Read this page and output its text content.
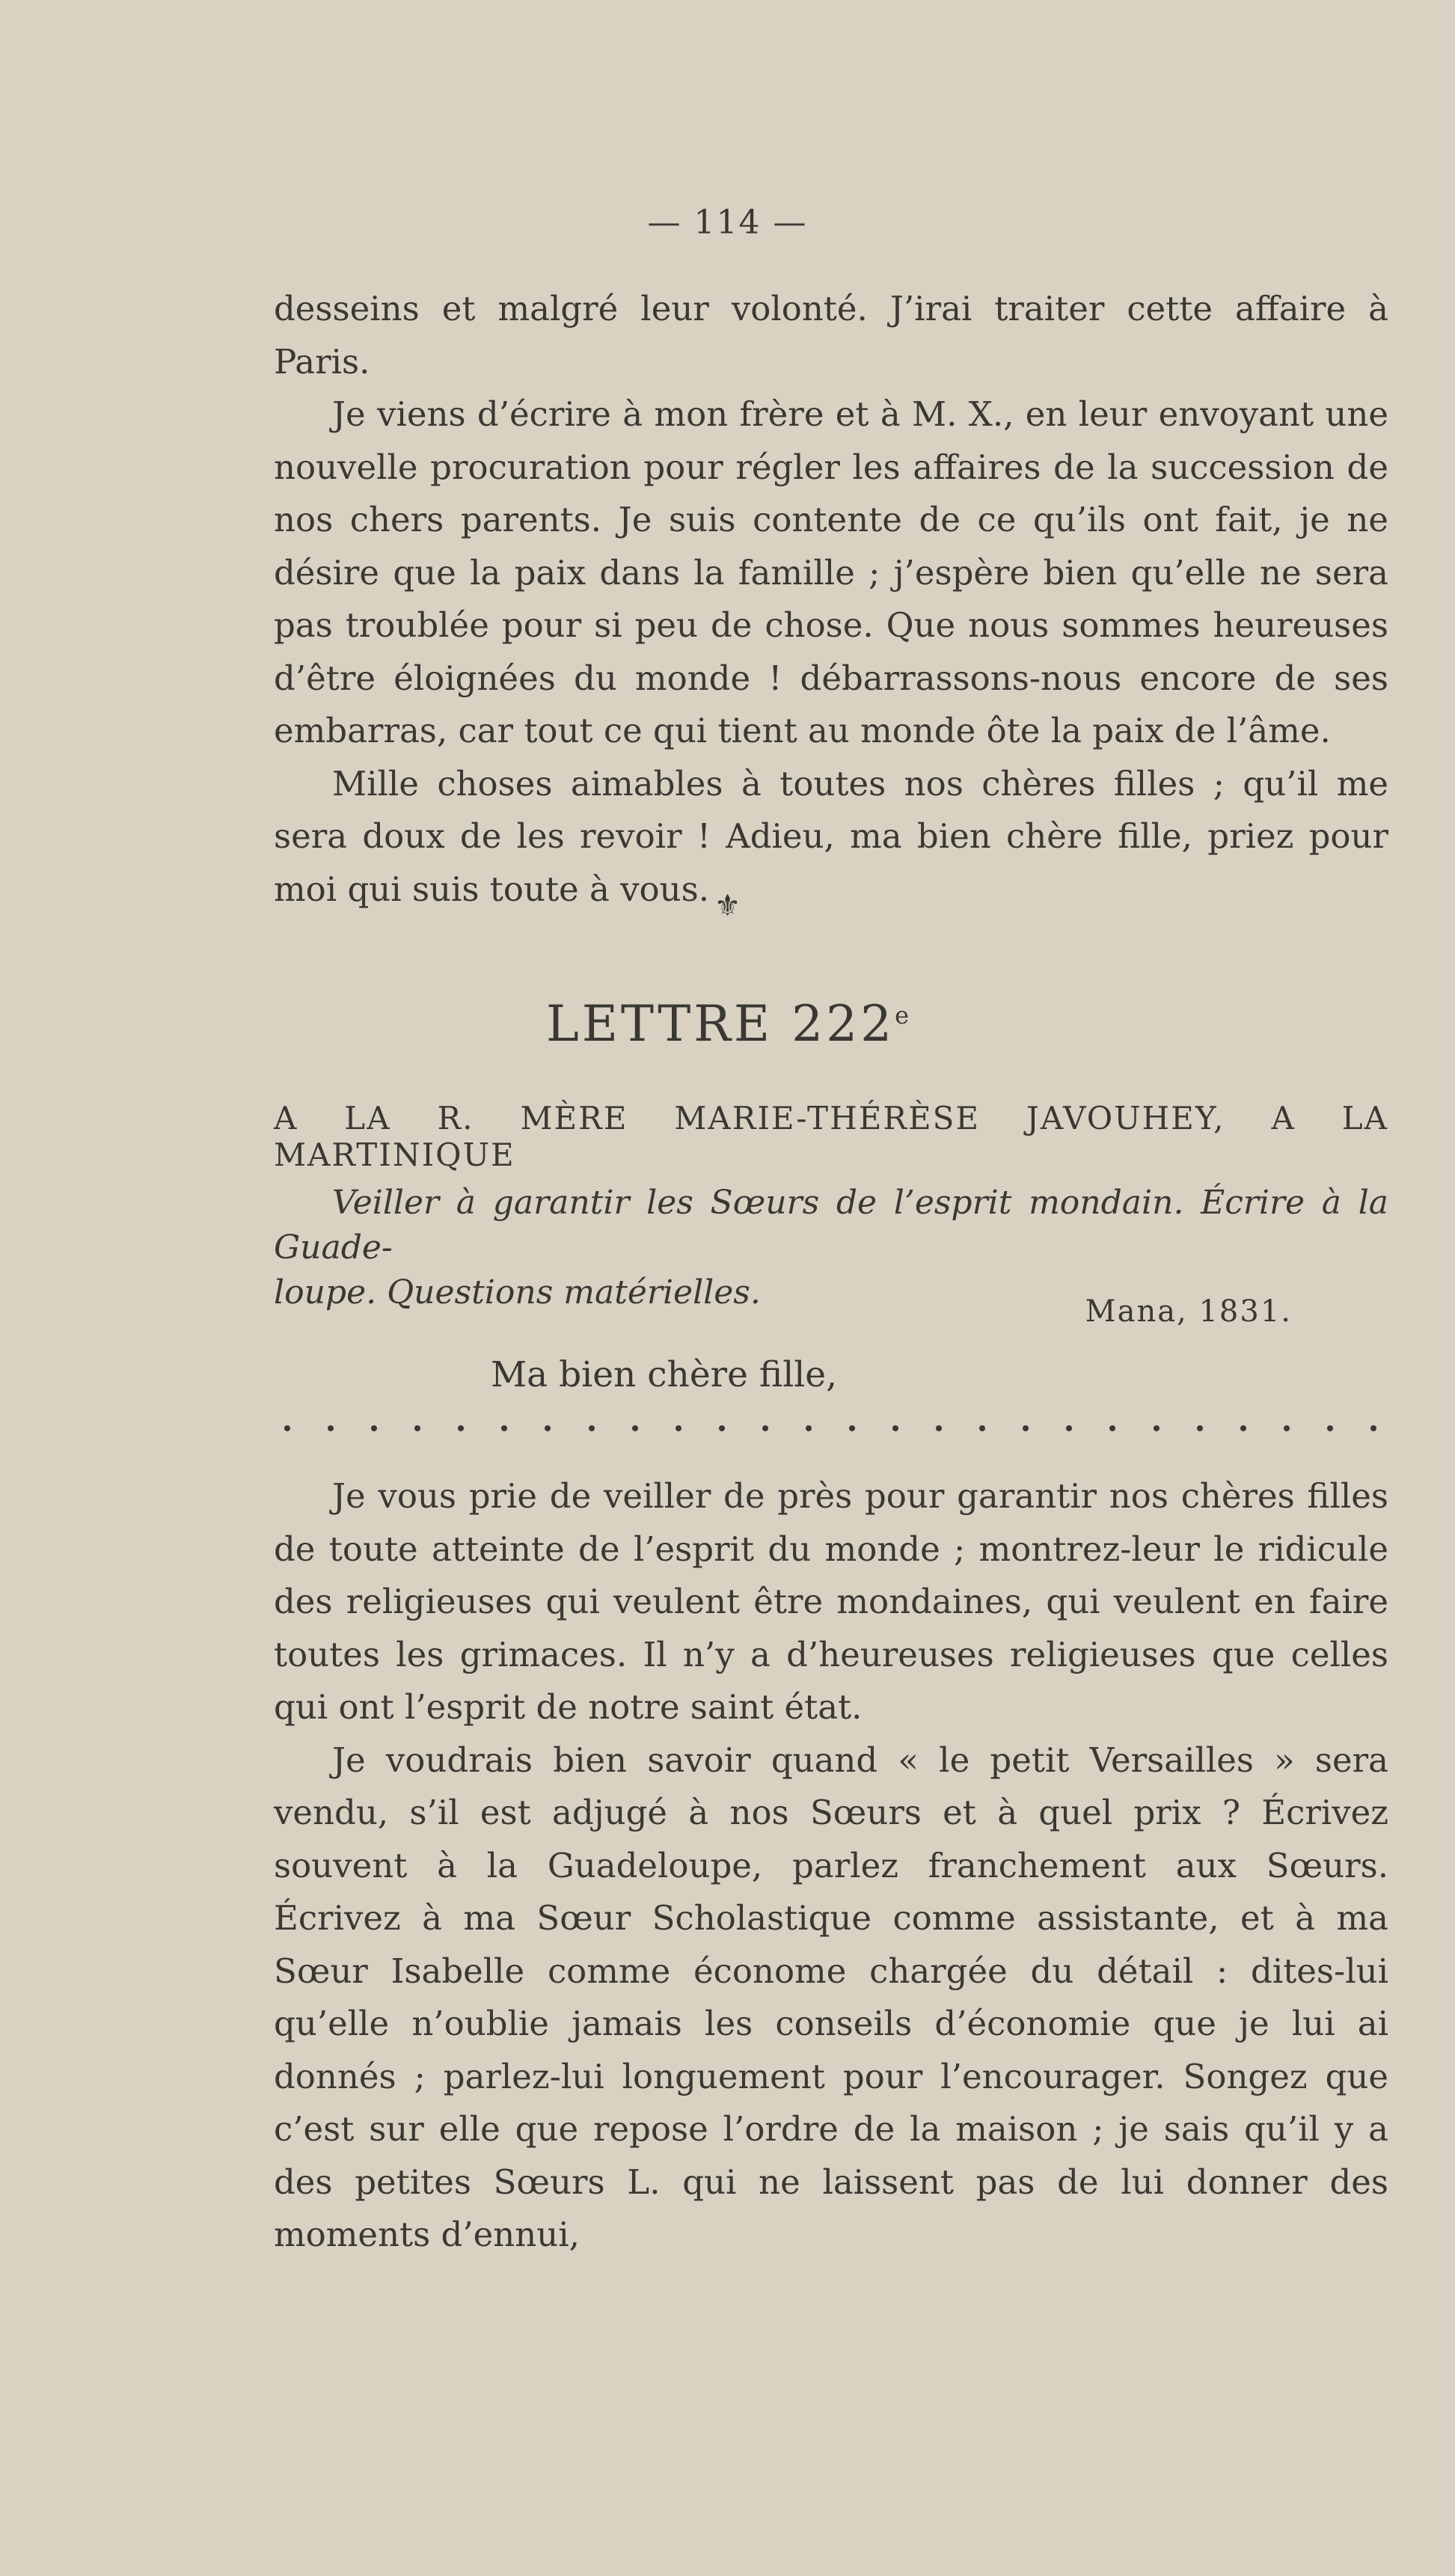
— 114 —

desseins et malgré leur volonté. J’irai traiter cette affaire à Paris.

Je viens d’écrire à mon frère et à M. X., en leur envoyant une nouvelle procuration pour régler les affaires de la succession de nos chers parents. Je suis contente de ce qu’ils ont fait, je ne désire que la paix dans la famille ; j’espère bien qu’elle ne sera pas troublée pour si peu de chose. Que nous sommes heureuses d’être éloignées du monde ! débarrassons-nous encore de ses embarras, car tout ce qui tient au monde ôte la paix de l’âme.

Mille choses aimables à toutes nos chères filles ; qu’il me sera doux de les revoir ! Adieu, ma bien chère fille, priez pour moi qui suis toute à vous. ⚜
LETTRE 222e
A LA R. MÈRE MARIE-THÉRÈSE JAVOUHEY, A LA MARTINIQUE
Veiller à garantir les Sœurs de l’esprit mondain. Écrire à la Guade-
loupe. Questions matérielles.	Mana, 1831.
Ma bien chère fille,

Je vous prie de veiller de près pour garantir nos chères filles de toute atteinte de l’esprit du monde ; montrez-leur le ridicule des religieuses qui veulent être mondaines, qui veulent en faire toutes les grimaces. Il n’y a d’heureuses religieuses que celles qui ont l’esprit de notre saint état.

Je voudrais bien savoir quand « le petit Versailles » sera vendu, s’il est adjugé à nos Sœurs et à quel prix ? Écrivez souvent à la Guadeloupe, parlez franchement aux Sœurs. Écrivez à ma Sœur Scholastique comme assistante, et à ma Sœur Isabelle comme économe chargée du détail : dites-lui qu’elle n’oublie jamais les conseils d’économie que je lui ai donnés ; parlez-lui longuement pour l’encourager. Songez que c’est sur elle que repose l’ordre de la maison ; je sais qu’il y a des petites Sœurs L. qui ne laissent pas de lui donner des moments d’ennui,
